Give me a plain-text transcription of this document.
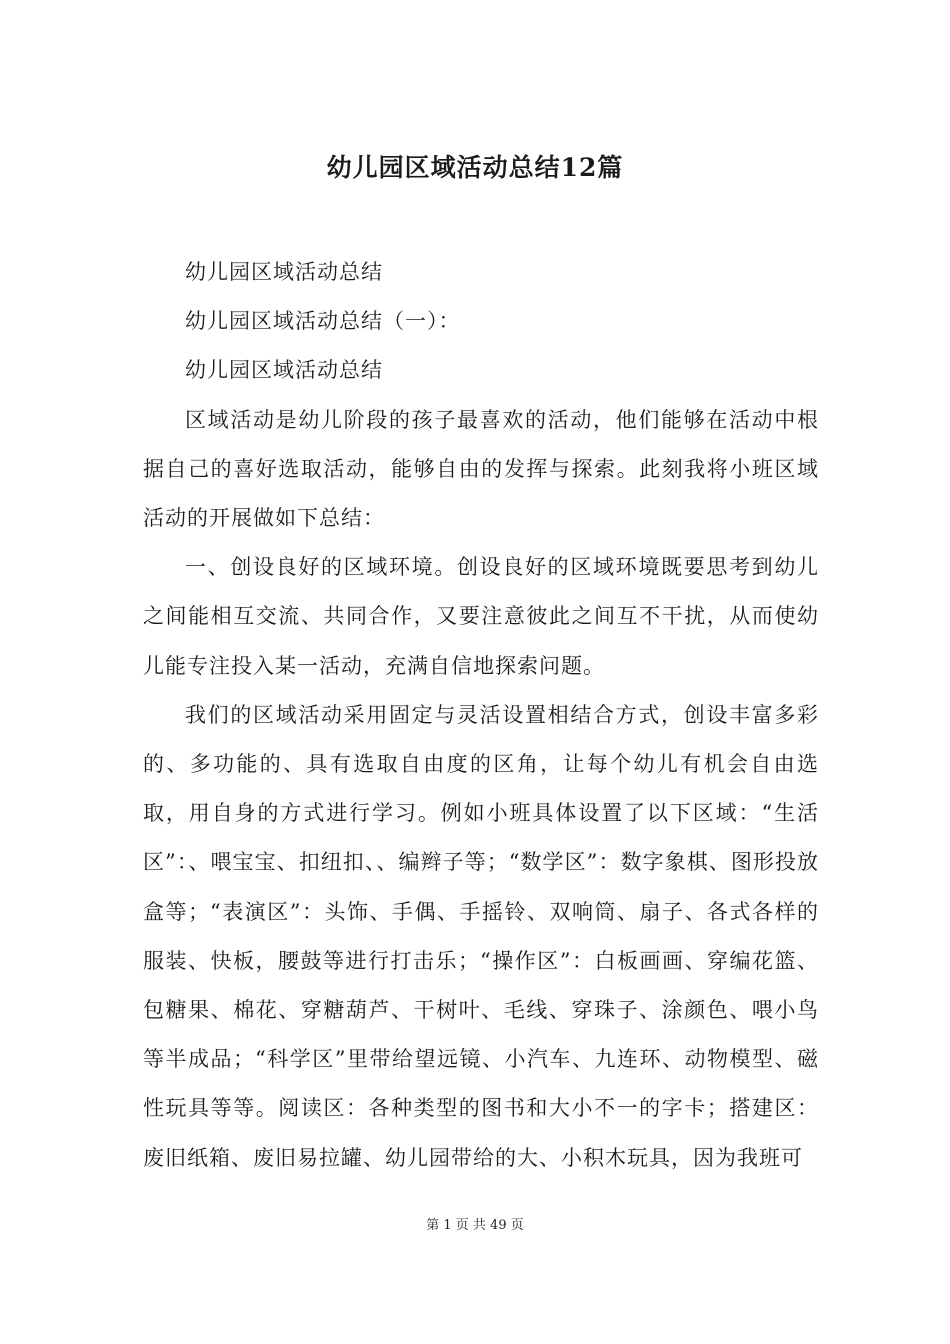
幼儿园区域活动总结12篇

幼儿园区域活动总结

幼儿园区域活动总结（一）：

幼儿园区域活动总结

区域活动是幼儿阶段的孩子最喜欢的活动，他们能够在活动中根据自己的喜好选取活动，能够自由的发挥与探索。此刻我将小班区域活动的开展做如下总结：

一、创设良好的区域环境。创设良好的区域环境既要思考到幼儿之间能相互交流、共同合作，又要注意彼此之间互不干扰，从而使幼儿能专注投入某一活动，充满自信地探索问题。

我们的区域活动采用固定与灵活设置相结合方式，创设丰富多彩的、多功能的、具有选取自由度的区角，让每个幼儿有机会自由选取，用自身的方式进行学习。例如小班具体设置了以下区域：“生活区”：、喂宝宝、扣纽扣、、编辫子等；“数学区”：数字象棋、图形投放盒等；“表演区”：头饰、手偶、手摇铃、双响筒、扇子、各式各样的服装、快板，腰鼓等进行打击乐；“操作区”：白板画画、穿编花篮、包糖果、棉花、穿糖葫芦、干树叶、毛线、穿珠子、涂颜色、喂小鸟等半成品；“科学区”里带给望远镜、小汽车、九连环、动物模型、磁性玩具等等。阅读区：各种类型的图书和大小不一的字卡；搭建区：废旧纸箱、废旧易拉罐、幼儿园带给的大、小积木玩具，因为我班可

第 1 页 共 49 页
